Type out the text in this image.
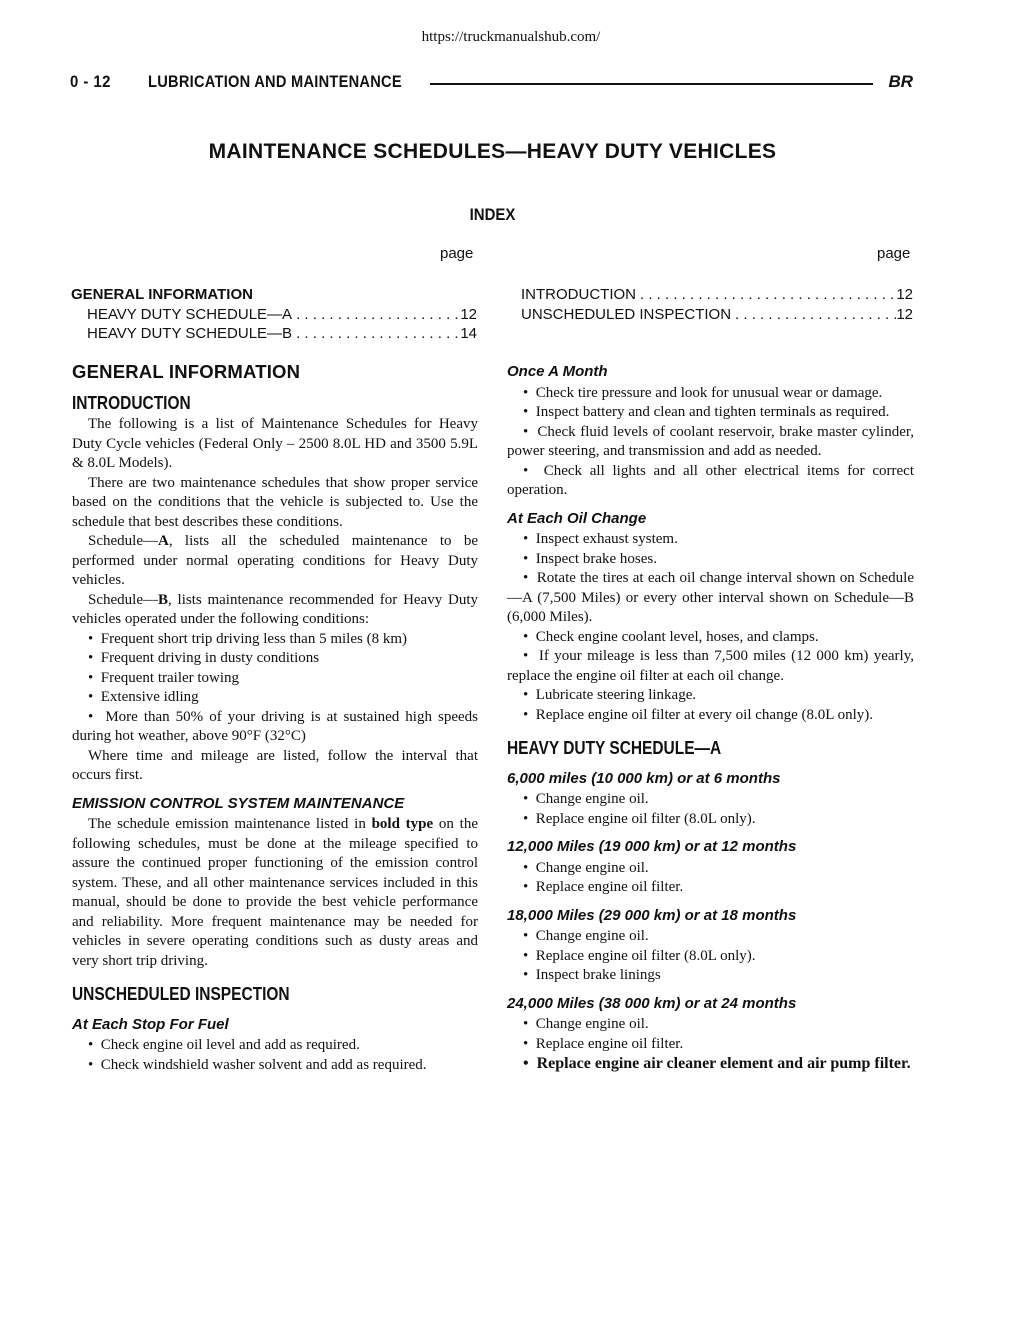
https://truckmanualshub.com/
0 - 12 LUBRICATION AND MAINTENANCE	BR
MAINTENANCE SCHEDULES—HEAVY DUTY VEHICLES
INDEX
page	page
GENERAL INFORMATION
HEAVY DUTY SCHEDULE—A . . .	12
HEAVY DUTY SCHEDULE—B . . .	14
INTRODUCTION . . .	12
UNSCHEDULED INSPECTION . . .	12
GENERAL INFORMATION
INTRODUCTION

The following is a list of Maintenance Schedules for Heavy Duty Cycle vehicles (Federal Only – 2500 8.0L HD and 3500 5.9L & 8.0L Models).

There are two maintenance schedules that show proper service based on the conditions that the vehicle is subjected to. Use the schedule that best describes these conditions.

Schedule—A, lists all the scheduled maintenance to be performed under normal operating conditions for Heavy Duty vehicles.

Schedule—B, lists maintenance recommended for Heavy Duty vehicles operated under the following conditions:

•  Frequent short trip driving less than 5 miles (8 km)

•  Frequent driving in dusty conditions

•  Frequent trailer towing

•  Extensive idling

•  More than 50% of your driving is at sustained high speeds during hot weather, above 90°F (32°C)

Where time and mileage are listed, follow the interval that occurs first.

EMISSION CONTROL SYSTEM MAINTENANCE

The schedule emission maintenance listed in bold type on the following schedules, must be done at the mileage specified to assure the continued proper functioning of the emission control system. These, and all other maintenance services included in this manual, should be done to provide the best vehicle performance and reliability. More frequent maintenance may be needed for vehicles in severe operating conditions such as dusty areas and very short trip driving.

UNSCHEDULED INSPECTION
At Each Stop For Fuel

•  Check engine oil level and add as required.

•  Check windshield washer solvent and add as required.

Once A Month

•  Check tire pressure and look for unusual wear or damage.

•  Inspect battery and clean and tighten terminals as required.

•  Check fluid levels of coolant reservoir, brake master cylinder, power steering, and transmission and add as needed.

•  Check all lights and all other electrical items for correct operation.

At Each Oil Change

•  Inspect exhaust system.

•  Inspect brake hoses.

•  Rotate the tires at each oil change interval shown on Schedule—A (7,500 Miles) or every other interval shown on Schedule—B (6,000 Miles).

•  Check engine coolant level, hoses, and clamps.

•  If your mileage is less than 7,500 miles (12 000 km) yearly, replace the engine oil filter at each oil change.

•  Lubricate steering linkage.

•  Replace engine oil filter at every oil change (8.0L only).

HEAVY DUTY SCHEDULE—A
6,000 miles (10 000 km) or at 6 months

•  Change engine oil.

•  Replace engine oil filter (8.0L only).

12,000 Miles (19 000 km) or at 12 months

•  Change engine oil.

•  Replace engine oil filter.

18,000 Miles (29 000 km) or at 18 months

•  Change engine oil.

•  Replace engine oil filter (8.0L only).

•  Inspect brake linings

24,000 Miles (38 000 km) or at 24 months

•  Change engine oil.

•  Replace engine oil filter.

•  Replace engine air cleaner element and air pump filter.
